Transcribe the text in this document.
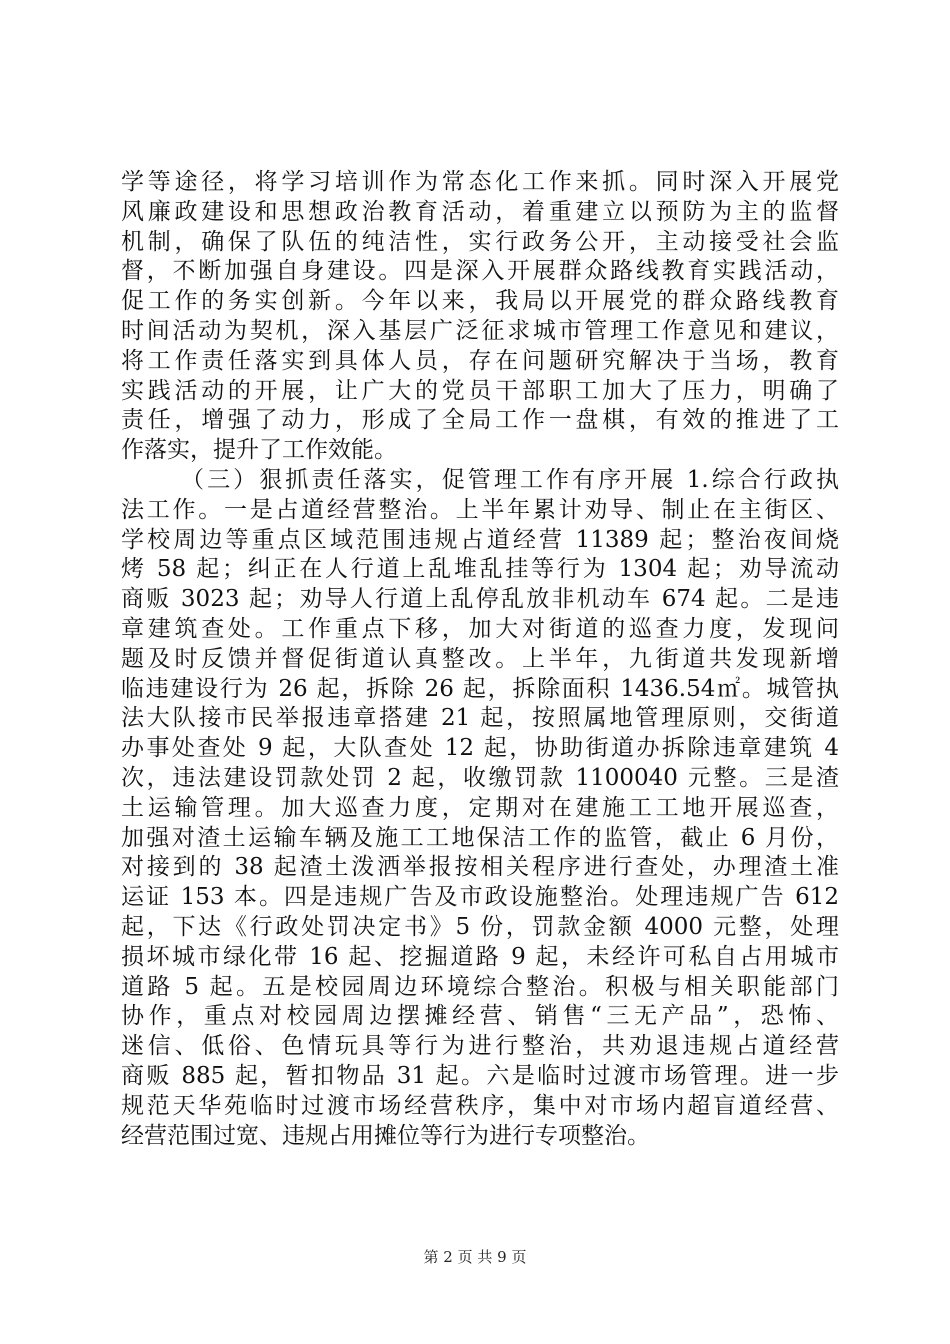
学等途径，将学习培训作为常态化工作来抓。同时深入开展党
风廉政建设和思想政治教育活动，着重建立以预防为主的监督
机制，确保了队伍的纯洁性，实行政务公开，主动接受社会监
督，不断加强自身建设。四是深入开展群众路线教育实践活动，
促工作的务实创新。今年以来，我局以开展党的群众路线教育
时间活动为契机，深入基层广泛征求城市管理工作意见和建议，
将工作责任落实到具体人员，存在问题研究解决于当场，教育
实践活动的开展，让广大的党员干部职工加大了压力，明确了
责任，增强了动力，形成了全局工作一盘棋，有效的推进了工
作落实，提升了工作效能。
（三）狠抓责任落实，促管理工作有序开展 1.综合行政执
法工作。一是占道经营整治。上半年累计劝导、制止在主街区、
学校周边等重点区域范围违规占道经营 11389 起；整治夜间烧
烤 58 起；纠正在人行道上乱堆乱挂等行为 1304 起；劝导流动
商贩 3023 起；劝导人行道上乱停乱放非机动车 674 起。二是违
章建筑查处。工作重点下移，加大对街道的巡查力度，发现问
题及时反馈并督促街道认真整改。上半年，九街道共发现新增
临违建设行为 26 起，拆除 26 起，拆除面积 1436.54㎡。城管执
法大队接市民举报违章搭建 21 起，按照属地管理原则，交街道
办事处查处 9 起，大队查处 12 起，协助街道办拆除违章建筑 4
次，违法建设罚款处罚 2 起，收缴罚款 1100040 元整。三是渣
土运输管理。加大巡查力度，定期对在建施工工地开展巡查，
加强对渣土运输车辆及施工工地保洁工作的监管，截止 6 月份，
对接到的 38 起渣土泼洒举报按相关程序进行查处，办理渣土准
运证 153 本。四是违规广告及市政设施整治。处理违规广告 612
起，下达《行政处罚决定书》5 份，罚款金额 4000 元整，处理
损坏城市绿化带 16 起、挖掘道路 9 起，未经许可私自占用城市
道路 5 起。五是校园周边环境综合整治。积极与相关职能部门
协作，重点对校园周边摆摊经营、销售“三无产品”，恐怖、
迷信、低俗、色情玩具等行为进行整治，共劝退违规占道经营
商贩 885 起，暂扣物品 31 起。六是临时过渡市场管理。进一步
规范天华苑临时过渡市场经营秩序，集中对市场内超盲道经营、
经营范围过宽、违规占用摊位等行为进行专项整治。
第 2 页 共 9 页
